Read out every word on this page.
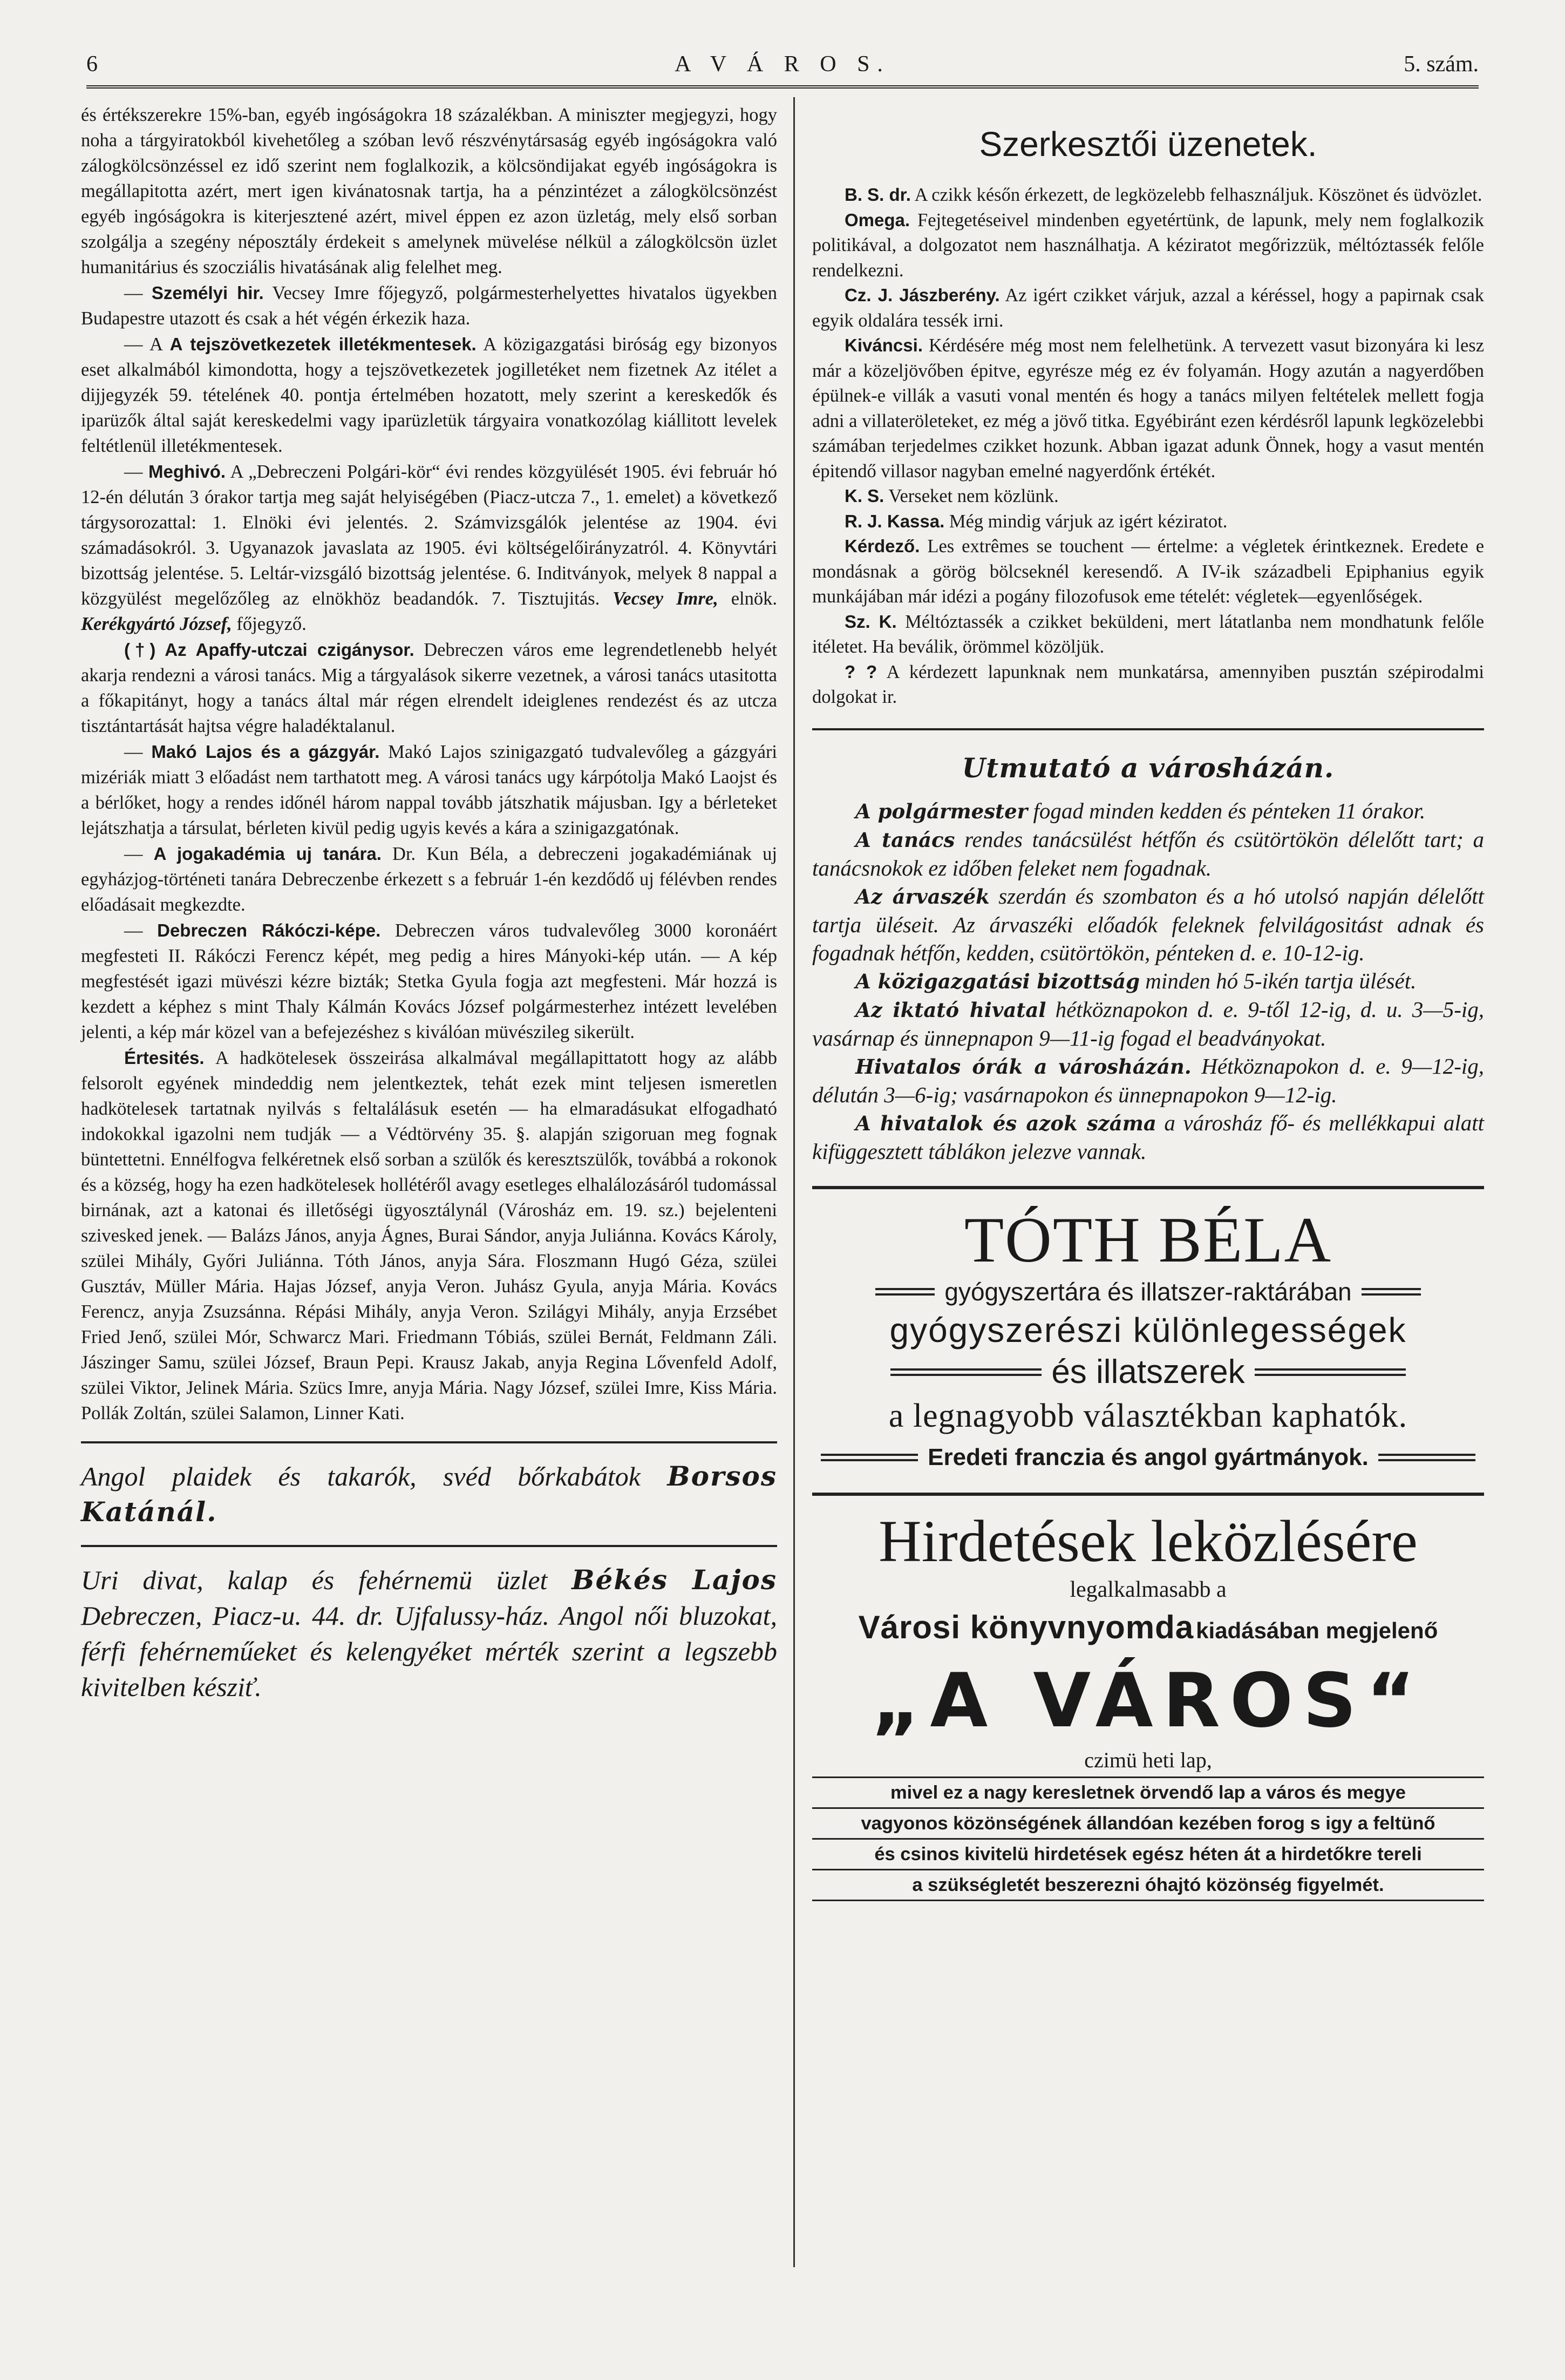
6	A V Á R O S.	5. szám.

és értékszerekre 15%-ban, egyéb ingóságokra 18 százalékban. A miniszter megjegyzi, hogy noha a tárgyiratokból kivehetőleg a szóban levő részvénytársaság egyéb ingóságokra való zálogkölcsönzéssel ez idő szerint nem foglalkozik, a kölcsöndijakat egyéb ingóságokra is megállapitotta azért, mert igen kivánatosnak tartja, ha a pénzintézet a zálogkölcsönzést egyéb ingóságokra is kiterjesztené azért, mivel éppen ez azon üzletág, mely első sorban szolgálja a szegény néposztály érdekeit s amelynek müvelése nélkül a zálogkölcsön üzlet humanitárius és szocziális hivatásának alig felelhet meg.

— Személyi hir. Vecsey Imre főjegyző, polgármesterhelyettes hivatalos ügyekben Budapestre utazott és csak a hét végén érkezik haza.

— A A tejszövetkezetek illetékmentesek. A közigazgatási biróság egy bizonyos eset alkalmából kimondotta, hogy a tejszövetkezetek jogilletéket nem fizetnek Az itélet a dijjegyzék 59. tételének 40. pontja értelmében hozatott, mely szerint a kereskedők és iparüzők által saját kereskedelmi vagy iparüzletük tárgyaira vonatkozólag kiállitott levelek feltétlenül illetékmentesek.

— Meghivó. A „Debreczeni Polgári-kör“ évi rendes közgyülését 1905. évi február hó 12-én délután 3 órakor tartja meg saját helyiségében (Piacz-utcza 7., 1. emelet) a következő tárgysorozattal: 1. Elnöki évi jelentés. 2. Számvizsgálók jelentése az 1904. évi számadásokról. 3. Ugyanazok javaslata az 1905. évi költségelőirányzatról. 4. Könyvtári bizottság jelentése. 5. Leltár-vizsgáló bizottság jelentése. 6. Inditványok, melyek 8 nappal a közgyülést megelőzőleg az elnökhöz beadandók. 7. Tisztujitás. Vecsey Imre, elnök. Kerékgyártó József, főjegyző.

(†) Az Apaffy-utczai czigánysor. Debreczen város eme legrendetlenebb helyét akarja rendezni a városi tanács. Mig a tárgyalások sikerre vezetnek, a városi tanács utasitotta a főkapitányt, hogy a tanács által már régen elrendelt ideiglenes rendezést és az utcza tisztántartását hajtsa végre haladéktalanul.

— Makó Lajos és a gázgyár. Makó Lajos szinigazgató tudvalevőleg a gázgyári mizériák miatt 3 előadást nem tarthatott meg. A városi tanács ugy kárpótolja Makó Laojst és a bérlőket, hogy a rendes időnél három nappal tovább játszhatik májusban. Igy a bérleteket lejátszhatja a társulat, bérleten kivül pedig ugyis kevés a kára a szinigazgatónak.

— A jogakadémia uj tanára. Dr. Kun Béla, a debreczeni jogakadémiának uj egyházjog-történeti tanára Debreczenbe érkezett s a február 1-én kezdődő uj félévben rendes előadásait megkezdte.

— Debreczen Rákóczi-képe. Debreczen város tudvalevőleg 3000 koronáért megfesteti II. Rákóczi Ferencz képét, meg pedig a hires Mányoki-kép után. — A kép megfestését igazi müvészi kézre bizták; Stetka Gyula fogja azt megfesteni. Már hozzá is kezdett a képhez s mint Thaly Kálmán Kovács József polgármesterhez intézett levelében jelenti, a kép már közel van a befejezéshez s kiválóan müvészileg sikerült.

Értesités. A hadkötelesek összeirása alkalmával megállapittatott hogy az alább felsorolt egyének mindeddig nem jelentkeztek, tehát ezek mint teljesen ismeretlen hadkötelesek tartatnak nyilvás s feltalálásuk esetén — ha elmaradásukat elfogadható indokokkal igazolni nem tudják — a Védtörvény 35. §. alapján szigoruan meg fognak büntettetni. Ennélfogva felkéretnek első sorban a szülők és keresztszülők, továbbá a rokonok és a község, hogy ha ezen hadkötelesek hollétéről avagy esetleges elhalálozásáról tudomással birnának, azt a katonai és illetőségi ügyosztálynál (Városház em. 19. sz.) bejelenteni szivesked jenek. — Balázs János, anyja Ágnes, Burai Sándor, anyja Juliánna. Kovács Károly, szülei Mihály, Győri Juliánna. Tóth János, anyja Sára. Floszmann Hugó Géza, szülei Gusztáv, Müller Mária. Hajas József, anyja Veron. Juhász Gyula, anyja Mária. Kovács Ferencz, anyja Zsuzsánna. Répási Mihály, anyja Veron. Szilágyi Mihály, anyja Erzsébet Fried Jenő, szülei Mór, Schwarcz Mari. Friedmann Tóbiás, szülei Bernát, Feldmann Záli. Jászinger Samu, szülei József, Braun Pepi. Krausz Jakab, anyja Regina Lővenfeld Adolf, szülei Viktor, Jelinek Mária. Szücs Imre, anyja Mária. Nagy József, szülei Imre, Kiss Mária. Pollák Zoltán, szülei Salamon, Linner Kati.

Angol plaidek és takarók, svéd bőrkabátok Borsos Katánál.
Uri divat, kalap és fehérnemü üzlet Békés Lajos Debreczen, Piacz-u. 44. dr. Ujfalussy-ház. Angol női bluzokat, férfi fehérneműeket és kelengyéket mérték szerint a legszebb kivitelben késziť.
Szerkesztői üzenetek.

B. S. dr. A czikk későn érkezett, de legközelebb felhasználjuk. Köszönet és üdvözlet.

Omega. Fejtegetéseivel mindenben egyetértünk, de lapunk, mely nem foglalkozik politikával, a dolgozatot nem használhatja. A kéziratot megőrizzük, méltóztassék felőle rendelkezni.

Cz. J. Jászberény. Az igért czikket várjuk, azzal a kéréssel, hogy a papirnak csak egyik oldalára tessék irni.

Kiváncsi. Kérdésére még most nem felelhetünk. A tervezett vasut bizonyára ki lesz már a közeljövőben épitve, egyrésze még ez év folyamán. Hogy azután a nagyerdőben épülnek-e villák a vasuti vonal mentén és hogy a tanács milyen feltételek mellett fogja adni a villateröleteket, ez még a jövő titka. Egyébiránt ezen kérdésről lapunk legközelebbi számában terjedelmes czikket hozunk. Abban igazat adunk Önnek, hogy a vasut mentén épitendő villasor nagyban emelné nagyerdőnk értékét.

K. S. Verseket nem közlünk.

R. J. Kassa. Még mindig várjuk az igért kéziratot.

Kérdező. Les extrêmes se touchent — értelme: a végletek érintkeznek. Eredete e mondásnak a görög bölcseknél keresendő. A IV-ik századbeli Epiphanius egyik munkájában már idézi a pogány filozofusok eme tételét: végletek—egyenlőségek.

Sz. K. Méltóztassék a czikket beküldeni, mert látatlanba nem mondhatunk felőle itéletet. Ha beválik, örömmel közöljük.

? ? A kérdezett lapunknak nem munkatársa, amennyiben pusztán szépirodalmi dolgokat ir.

Utmutató a városházán.

A polgármester fogad minden kedden és pénteken 11 órakor.

A tanács rendes tanácsülést hétfőn és csütörtökön délelőtt tart; a tanácsnokok ez időben feleket nem fogadnak.

Az árvaszék szerdán és szombaton és a hó utolsó napján délelőtt tartja üléseit. Az árvaszéki előadók feleknek felvilágositást adnak és fogadnak hétfőn, kedden, csütörtökön, pénteken d. e. 10-12-ig.

A közigazgatási bizottság minden hó 5-ikén tartja ülését.

Az iktató hivatal hétköznapokon d. e. 9-től 12-ig, d. u. 3—5-ig, vasárnap és ünnepnapon 9—11-ig fogad el beadványokat.

Hivatalos órák a városházán. Hétköznapokon d. e. 9—12-ig, délután 3—6-ig; vasárnapokon és ünnepnapokon 9—12-ig.

A hivatalok és azok száma a városház fő- és mellékkapui alatt kifüggesztett táblákon jelezve vannak.

TÓTH BÉLA
gyógyszertára és illatszer-raktárában
gyógyszerészi különlegességek
és illatszerek
a legnagyobb választékban kaphatók.
Eredeti franczia és angol gyártmányok.
Hirdetések leközlésére
legalkalmasabb a
Városi könyvnyomda kiadásában megjelenő
„A VÁROS“
czimü heti lap,
mivel ez a nagy keresletnek örvendő lap a város és megye
vagyonos közönségének állandóan kezében forog s igy a feltünő
és csinos kivitelü hirdetések egész héten át a hirdetőkre tereli
a szükségletét beszerezni óhajtó közönség figyelmét.
